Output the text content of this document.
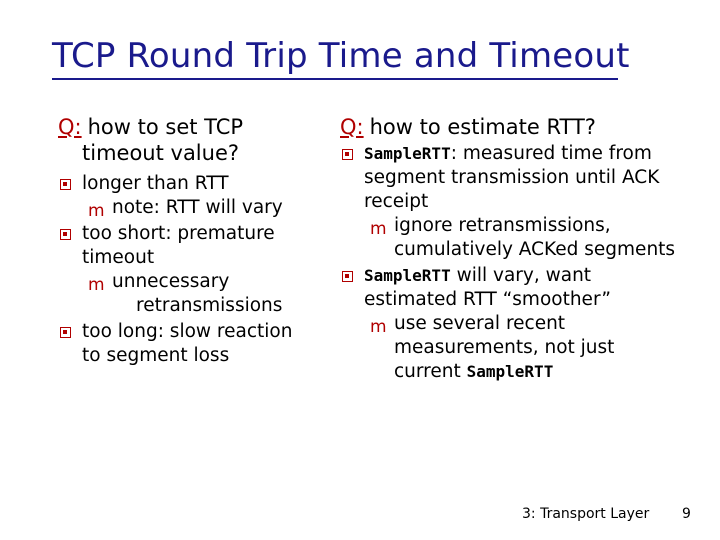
TCP Round Trip Time and Timeout
Q: how to set TCP
timeout value?
longer than RTT
m note: RTT will vary
too short: premature
timeout
m unnecessary
retransmissions
too long: slow reaction
to segment loss
Q: how to estimate RTT?
SampleRTT: measured time from
segment transmission until ACK
receipt
m ignore retransmissions,
cumulatively ACKed segments
SampleRTT will vary, want
estimated RTT “smoother”
m use several recent
measurements, not just
current SampleRTT
3: Transport Layer 9
